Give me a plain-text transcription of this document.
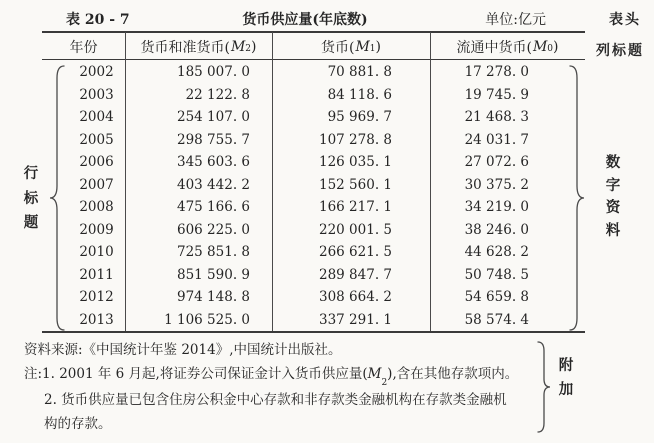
表 20 - 7	货币供应量(年底数)	单位:亿元	表头
列标题
年份	货币和准货币( $M_2$ )	货币( $M_1$ )	流通中货币( $M_0$ )
2002	185 007. 0	70 881. 8	17 278. 0
2003	22 122. 8	84 118. 6	19 745. 9
2004	254 107. 0	95 969. 7	21 468. 3
2005	298 755. 7	107 278. 8	24 031. 7
2006	345 603. 6	126 035. 1	27 072. 6
2007	403 442. 2	152 560. 1	30 375. 2
2008	475 166. 6	166 217. 1	34 219. 0
2009	606 225. 0	220 001. 5	38 246. 0
2010	725 851. 8	266 621. 5	44 628. 2
2011	851 590. 9	289 847. 7	50 748. 5
2012	974 148. 8	308 664. 2	54 659. 8
2013	1 106 525. 0	337 291. 1	58 574. 4
行
标
题
数
字
资
料
附
加
资料来源:《中国统计年鉴 2014》,中国统计出版社。
注:1. 2001 年 6 月起,将证券公司保证金计入货币供应量$(M_2)$,含在其他存款项内。
2. 货币供应量已包含住房公积金中心存款和非存款类金融机构在存款类金融机
构的存款。
